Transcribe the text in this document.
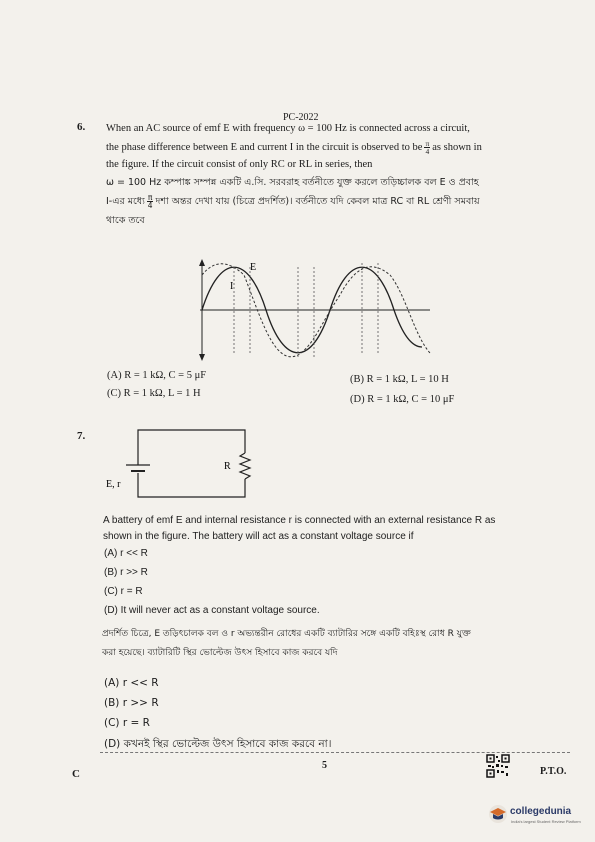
PC-2022
6. When an AC source of emf E with frequency ω = 100 Hz is connected across a circuit,
the phase difference between E and current I in the circuit is observed to be $\frac{\pi}{4}$ as shown in
the figure. If the circuit consist of only RC or RL in series, then
ω = 100 Hz কম্পাঙ্ক সম্পন্ন একটি এ.সি. সরবরাহ বর্তনীতে যুক্ত করলে তড়িচ্চালক বল E ও প্রবাহ
I-এর মধ্যে $\frac{\pi}{4}$ দশা অন্তর দেখা যায় (চিত্রে প্রদর্শিত)। বর্তনীতে যদি কেবল মাত্র RC বা RL শ্রেণী সমবায়
থাকে তবে
E
I
(A) R = 1 kΩ, C = 5 μF	(B) R = 1 kΩ, L = 10 H
(C) R = 1 kΩ, L = 1 H
(D) R = 1 kΩ, C = 10 μF
7.
R
E, r
A battery of emf E and internal resistance r is connected with an external resistance R as
shown in the figure. The battery will act as a constant voltage source if
(A) r << R
(B) r >> R
(C) r = R
(D) It will never act as a constant voltage source.
প্রদর্শিত চিত্রে, E তড়িৎচালক বল ও r অভ্যন্তরীন রোধের একটি ব্যাটারির সঙ্গে একটি বহিঃস্থ রোধ R যুক্ত
করা হয়েছে। ব্যাটারিটি স্থির ভোল্টেজ উৎস হিসাবে কাজ করবে যদি
(A) r << R
(B) r >> R
(C) r = R
(D) কখনই স্থির ভোল্টেজ উৎস হিসাবে কাজ করবে না।
C
5
P.T.O.
collegedunia
India's largest Student Review Platform
